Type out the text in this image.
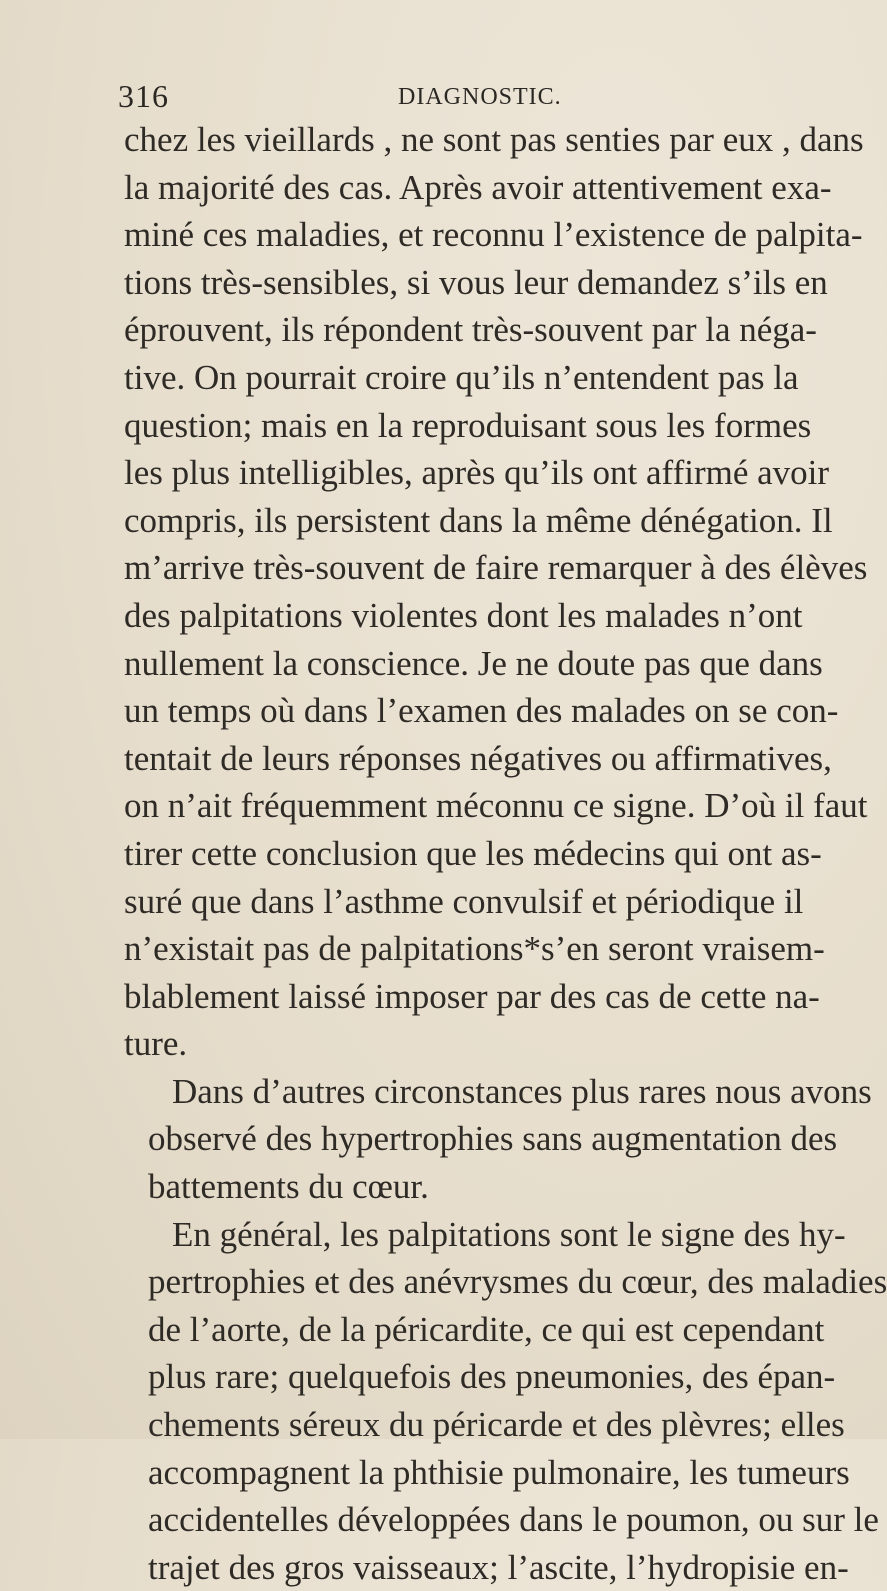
316	DIAGNOSTIC.
chez les vieillards , ne sont pas senties par eux , dans
la majorité des cas. Après avoir attentivement exa-
miné ces maladies, et reconnu l’existence de palpita-
tions très-sensibles, si vous leur demandez s’ils en
éprouvent, ils répondent très-souvent par la néga-
tive. On pourrait croire qu’ils n’entendent pas la
question; mais en la reproduisant sous les formes
les plus intelligibles, après qu’ils ont affirmé avoir
compris, ils persistent dans la même dénégation. Il
m’arrive très-souvent de faire remarquer à des élèves
des palpitations violentes dont les malades n’ont
nullement la conscience. Je ne doute pas que dans
un temps où dans l’examen des malades on se con-
tentait de leurs réponses négatives ou affirmatives,
on n’ait fréquemment méconnu ce signe. D’où il faut
tirer cette conclusion que les médecins qui ont as-
suré que dans l’asthme convulsif et périodique il
n’existait pas de palpitations*s’en seront vraisem-
blablement laissé imposer par des cas de cette na-
ture.
Dans d’autres circonstances plus rares nous avons
observé des hypertrophies sans augmentation des
battements du cœur.
En général, les palpitations sont le signe des hy-
pertrophies et des anévrysmes du cœur, des maladies
de l’aorte, de la péricardite, ce qui est cependant
plus rare; quelquefois des pneumonies, des épan-
chements séreux du péricarde et des plèvres; elles
accompagnent la phthisie pulmonaire, les tumeurs
accidentelles développées dans le poumon, ou sur le
trajet des gros vaisseaux; l’ascite, l’hydropisie en-
